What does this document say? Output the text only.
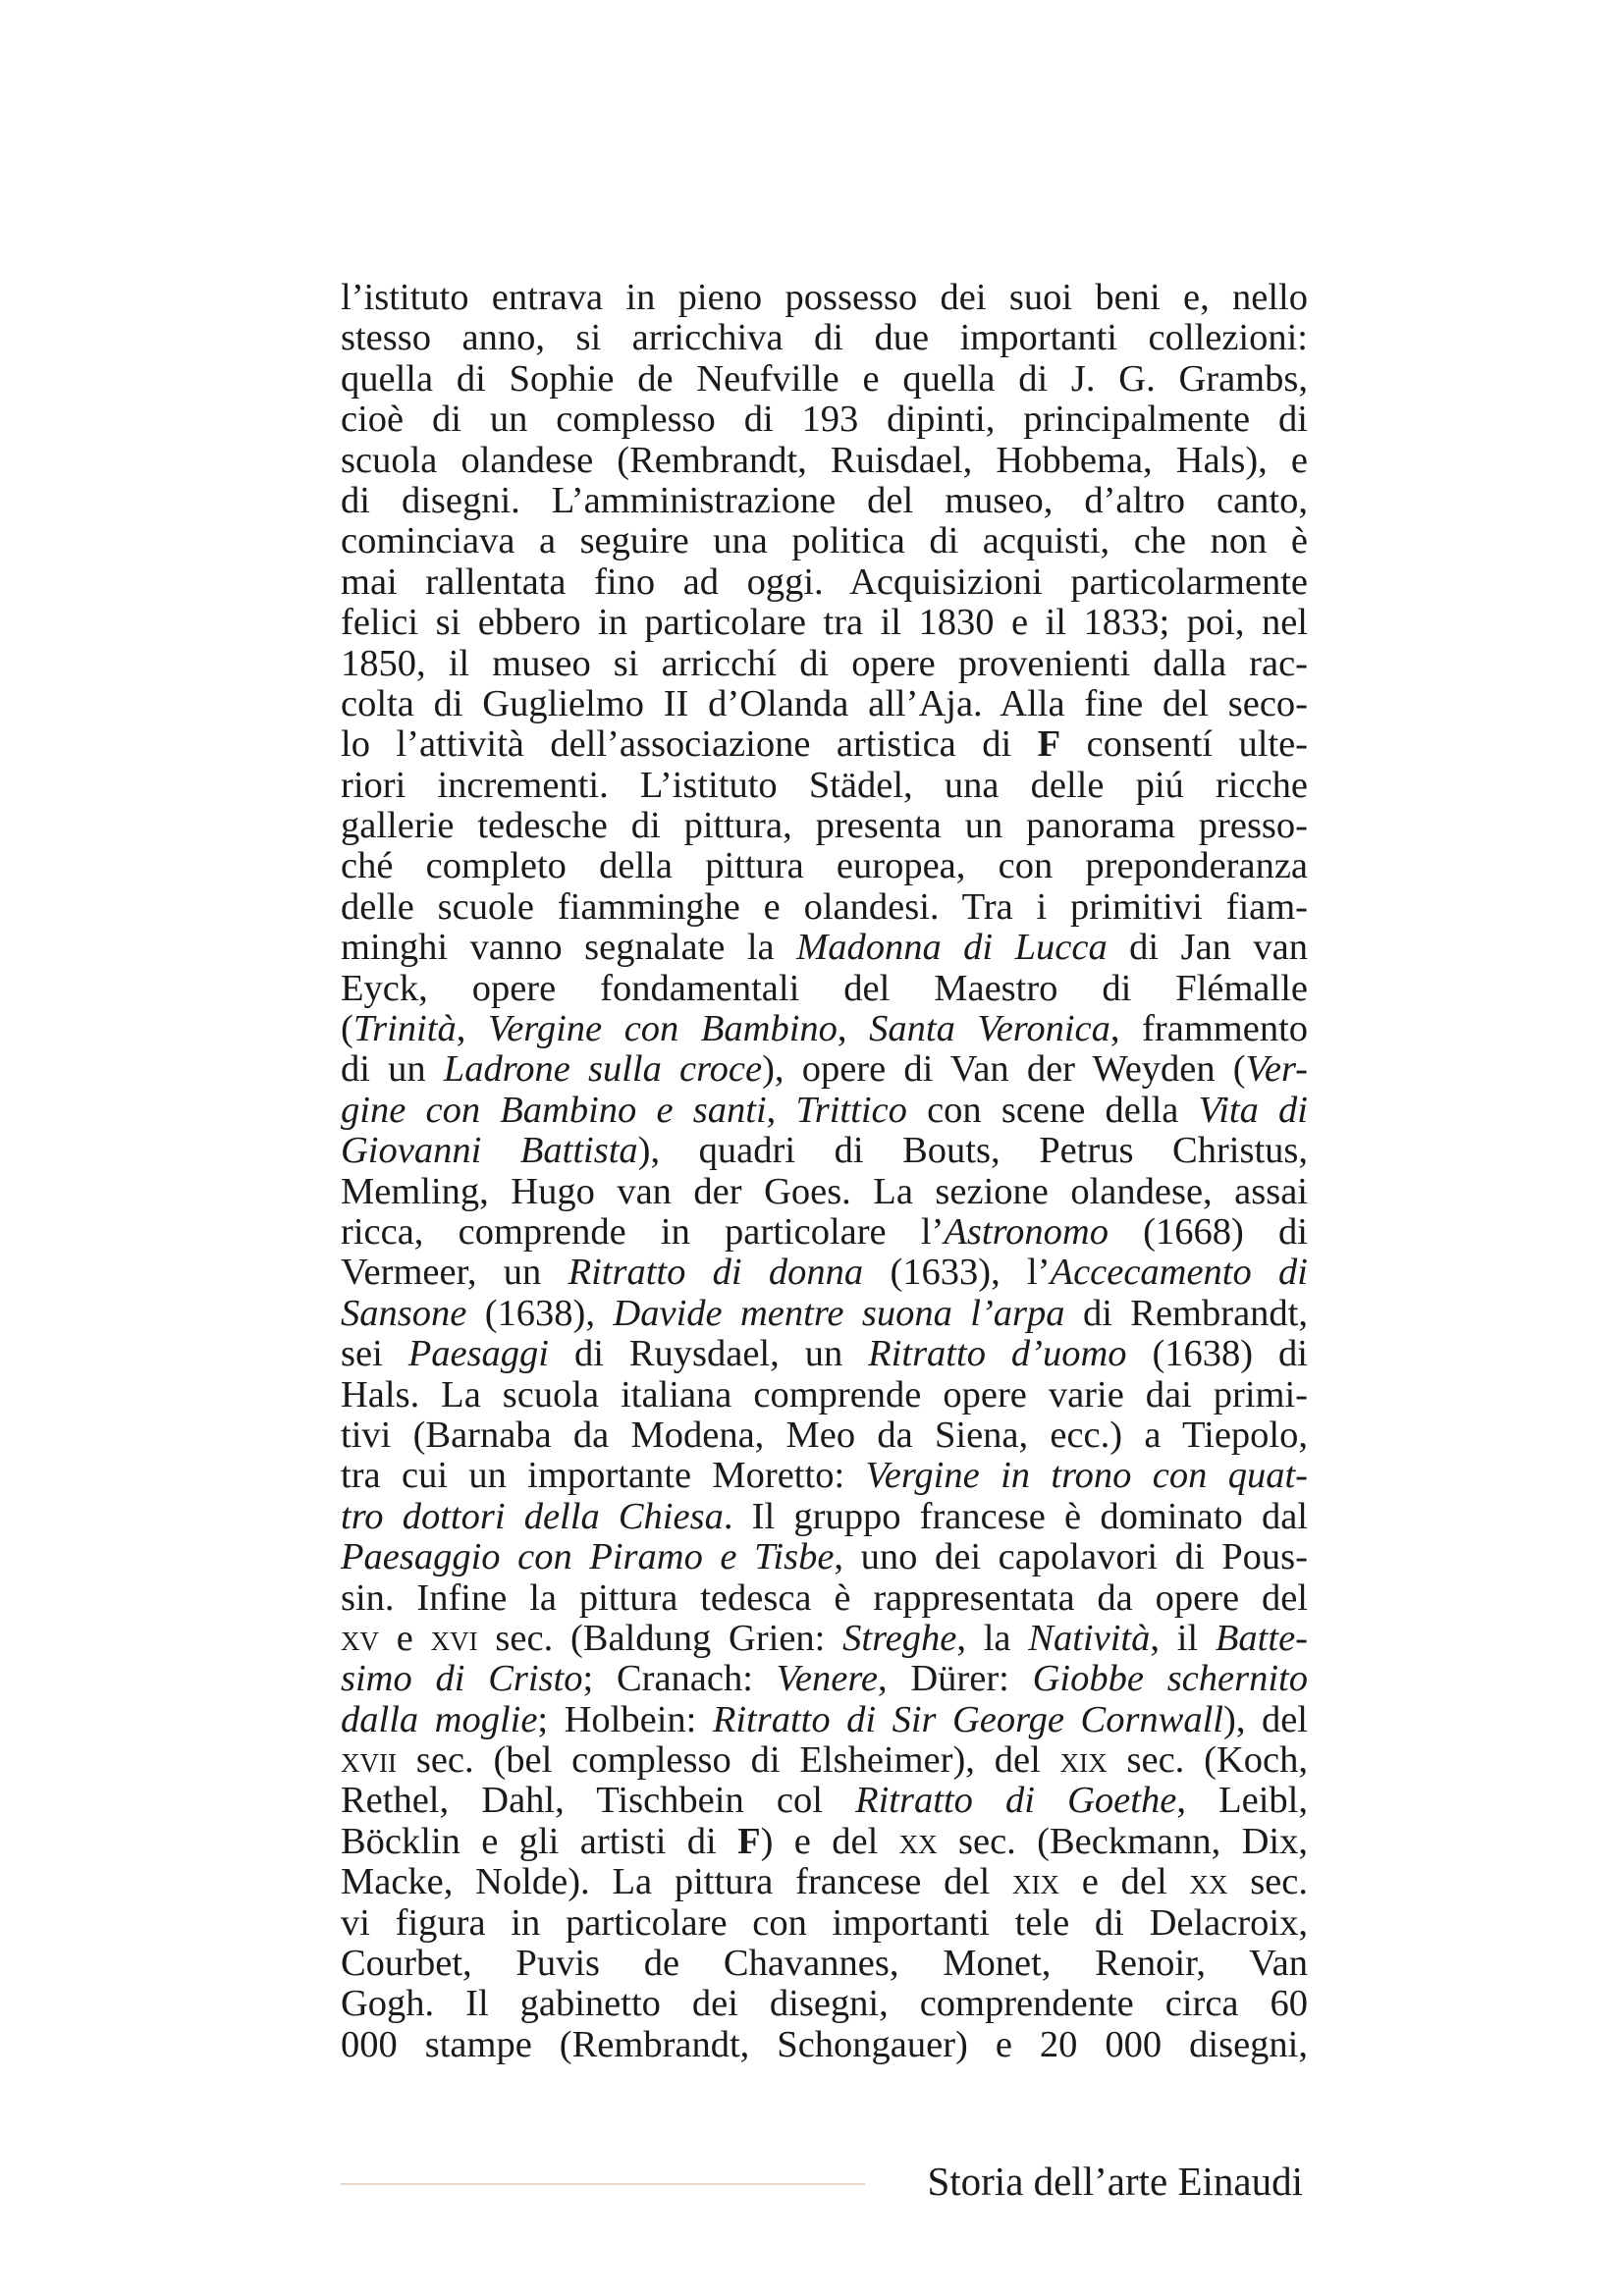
l’istituto entrava in pieno possesso dei suoi beni e, nello
stesso anno, si arricchiva di due importanti collezioni:
quella di Sophie de Neufville e quella di J. G. Grambs,
cioè di un complesso di 193 dipinti, principalmente di
scuola olandese (Rembrandt, Ruisdael, Hobbema, Hals), e
di disegni. L’amministrazione del museo, d’altro canto,
cominciava a seguire una politica di acquisti, che non è
mai rallentata fino ad oggi. Acquisizioni particolarmente
felici si ebbero in particolare tra il 1830 e il 1833; poi, nel
1850, il museo si arricchí di opere provenienti dalla rac-
colta di Guglielmo II d’Olanda all’Aja. Alla fine del seco-
lo l’attività dell’associazione artistica di F consentí ulte-
riori incrementi. L’istituto Städel, una delle piú ricche
gallerie tedesche di pittura, presenta un panorama presso-
ché completo della pittura europea, con preponderanza
delle scuole fiamminghe e olandesi. Tra i primitivi fiam-
minghi vanno segnalate la Madonna di Lucca di Jan van
Eyck, opere fondamentali del Maestro di Flémalle
(Trinità, Vergine con Bambino, Santa Veronica, frammento
di un Ladrone sulla croce), opere di Van der Weyden (Ver-
gine con Bambino e santi, Trittico con scene della Vita di
Giovanni Battista), quadri di Bouts, Petrus Christus,
Memling, Hugo van der Goes. La sezione olandese, assai
ricca, comprende in particolare l’Astronomo (1668) di
Vermeer, un Ritratto di donna (1633), l’Accecamento di
Sansone (1638), Davide mentre suona l’arpa di Rembrandt,
sei Paesaggi di Ruysdael, un Ritratto d’uomo (1638) di
Hals. La scuola italiana comprende opere varie dai primi-
tivi (Barnaba da Modena, Meo da Siena, ecc.) a Tiepolo,
tra cui un importante Moretto: Vergine in trono con quat-
tro dottori della Chiesa. Il gruppo francese è dominato dal
Paesaggio con Piramo e Tisbe, uno dei capolavori di Pous-
sin. Infine la pittura tedesca è rappresentata da opere del
xv e xvi sec. (Baldung Grien: Streghe, la Natività, il Batte-
simo di Cristo; Cranach: Venere, Dürer: Giobbe schernito
dalla moglie; Holbein: Ritratto di Sir George Cornwall), del
xvii sec. (bel complesso di Elsheimer), del xix sec. (Koch,
Rethel, Dahl, Tischbein col Ritratto di Goethe, Leibl,
Böcklin e gli artisti di F) e del xx sec. (Beckmann, Dix,
Macke, Nolde). La pittura francese del xix e del xx sec.
vi figura in particolare con importanti tele di Delacroix,
Courbet, Puvis de Chavannes, Monet, Renoir, Van
Gogh. Il gabinetto dei disegni, comprendente circa 60
000 stampe (Rembrandt, Schongauer) e 20 000 disegni,
Storia dell’arte Einaudi
